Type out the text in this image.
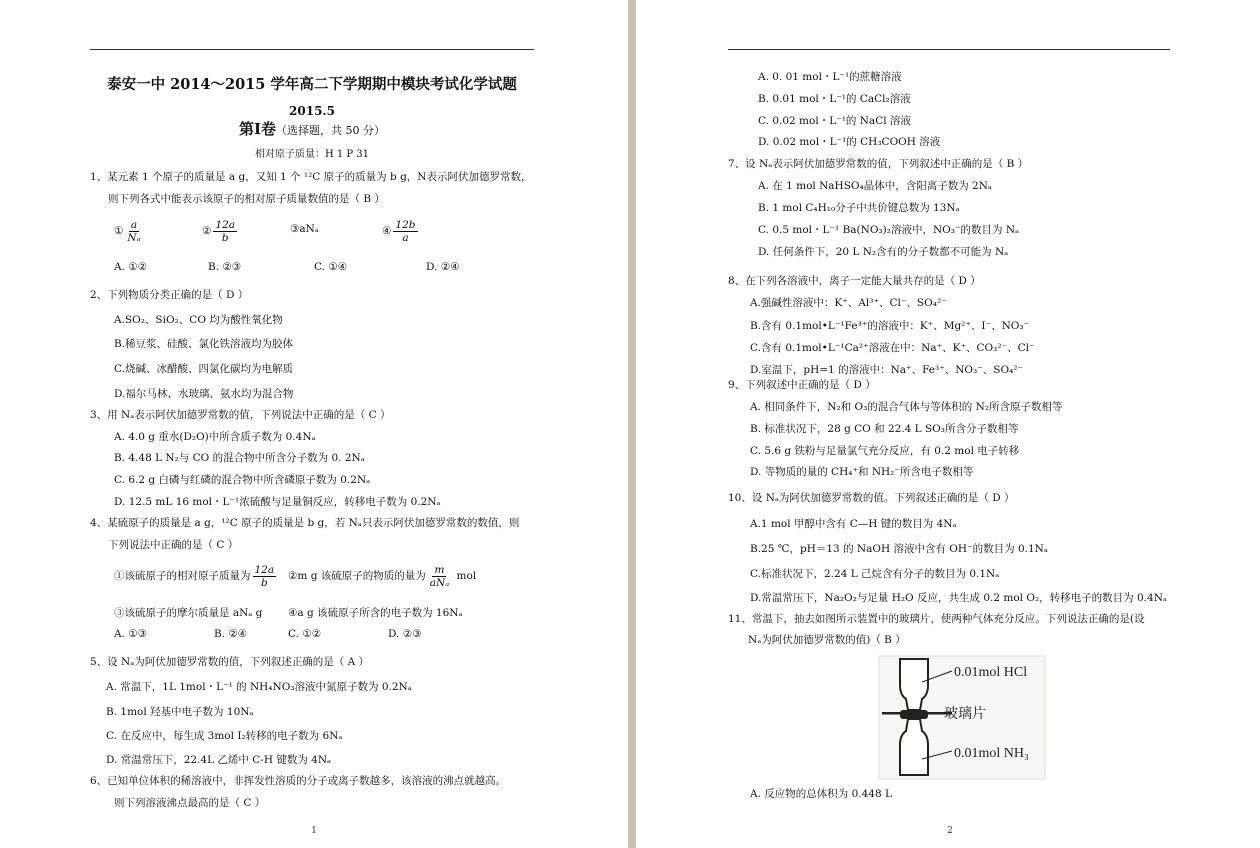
泰安一中 2014～2015 学年高二下学期期中模块考试化学试题
2015.5
第Ⅰ卷（选择题，共 50 分）
相对原子质量：H 1 P 31
1、某元素 1 个原子的质量是 a g，又知 1 个 ¹²C 原子的质量为 b g，N表示阿伏加德罗常数，
则下列各式中能表示该原子的相对原子质量数值的是（ B ）
① $\frac{a}{\text{Nₐ}}$	② $\frac{12a}{b}$	③aNₐ	④ $\frac{12b}{a}$
A. ①②	B. ②③	C. ①④	D. ②④
2、下列物质分类正确的是（ D ）
A.SO₂、SiO₂、CO 均为酸性氧化物
B.稀豆浆、硅酸、氯化铁溶液均为胶体
C.烧碱、冰醋酸、四氯化碳均为电解质
D.福尔马林、水玻璃、氨水均为混合物
3、用 Nₐ表示阿伏加德罗常数的值，下列说法中正确的是（ C ）
A. 4.0 g 重水(D₂O)中所含质子数为 0.4Nₐ
B. 4.48 L N₂与 CO 的混合物中所含分子数为 0. 2Nₐ
C. 6.2 g 白磷与红磷的混合物中所含磷原子数为 0.2Nₐ
D. 12.5 mL 16 mol・L⁻¹浓硫酸与足量铜反应，转移电子数为 0.2Nₐ
4、某硫原子的质量是 a g，¹²C 原子的质量是 b g，若 Nₐ只表示阿伏加德罗常数的数值，则
下列说法中正确的是（ C ）
①该硫原子的相对原子质量为 $\frac{12a}{b}$ ②m g 该硫原子的物质的量为 $\frac{m}{\text{aNₐ}}$ mol
③该硫原子的摩尔质量是 aNₐ g ④a g 该硫原子所含的电子数为 16Nₐ
A. ①③	B. ②④	C. ①②	D. ②③
5、设 Nₐ为阿伏加德罗常数的值，下列叙述正确的是（ A ）
A. 常温下，1L 1mol・L⁻¹ 的 NH₄NO₃溶液中氮原子数为 0.2Nₐ
B. 1mol 羟基中电子数为 10Nₐ
C. 在反应中，每生成 3mol I₂转移的电子数为 6Nₐ
D. 常温常压下，22.4L 乙烯中 C-H 键数为 4Nₐ
6、已知单位体积的稀溶液中，非挥发性溶质的分子或离子数越多，该溶液的沸点就越高。
则下列溶液沸点最高的是（ C ）
1
A. 0. 01 mol・L⁻¹的蔗糖溶液
B. 0.01 mol・L⁻¹的 CaCl₂溶液
C. 0.02 mol・L⁻¹的 NaCl 溶液
D. 0.02 mol・L⁻¹的 CH₃COOH 溶液
7、设 Nₐ表示阿伏加德罗常数的值，下列叙述中正确的是（ B ）
A. 在 1 mol NaHSO₄晶体中，含阳离子数为 2Nₐ
B. 1 mol C₄H₁₀分子中共价键总数为 13Nₐ
C. 0.5 mol・L⁻¹ Ba(NO₃)₂溶液中，NO₃⁻的数目为 Nₐ
D. 任何条件下，20 L N₂含有的分子数都不可能为 Nₐ
8、在下列各溶液中，离子一定能大量共存的是（ D ）
A.强碱性溶液中：K⁺、Al³⁺、Cl⁻、SO₄²⁻
B.含有 0.1mol•L⁻¹Fe³⁺的溶液中：K⁺、Mg²⁺、I⁻、NO₃⁻
C.含有 0.1mol•L⁻¹Ca²⁺溶液在中：Na⁺、K⁺、CO₃²⁻、Cl⁻
D.室温下，pH=1 的溶液中：Na⁺、Fe³⁺、NO₃⁻、SO₄²⁻
9、下列叙述中正确的是（ D ）
A. 相同条件下，N₂和 O₃的混合气体与等体积的 N₂所含原子数相等
B. 标准状况下，28 g CO 和 22.4 L SO₃所含分子数相等
C. 5.6 g 铁粉与足量氯气充分反应，有 0.2 mol 电子转移
D. 等物质的量的 CH₄⁺和 NH₂⁻所含电子数相等
10、设 Nₐ为阿伏加德罗常数的值。下列叙述正确的是（ D ）
A.1 mol 甲醇中含有 C—H 键的数目为 4Nₐ
B.25 ℃，pH＝13 的 NaOH 溶液中含有 OH⁻的数目为 0.1Nₐ
C.标准状况下，2.24 L 己烷含有分子的数目为 0.1Nₐ
D.常温常压下，Na₂O₂与足量 H₂O 反应，共生成 0.2 mol O₂，转移电子的数目为 0.4Nₐ
11、常温下，抽去如图所示装置中的玻璃片，使两种气体充分反应。下列说法正确的是(设
Nₐ为阿伏加德罗常数的值)（ B ）
0.01mol HCl
玻璃片
0.01mol NH₃
A. 反应物的总体积为 0.448 L
2
